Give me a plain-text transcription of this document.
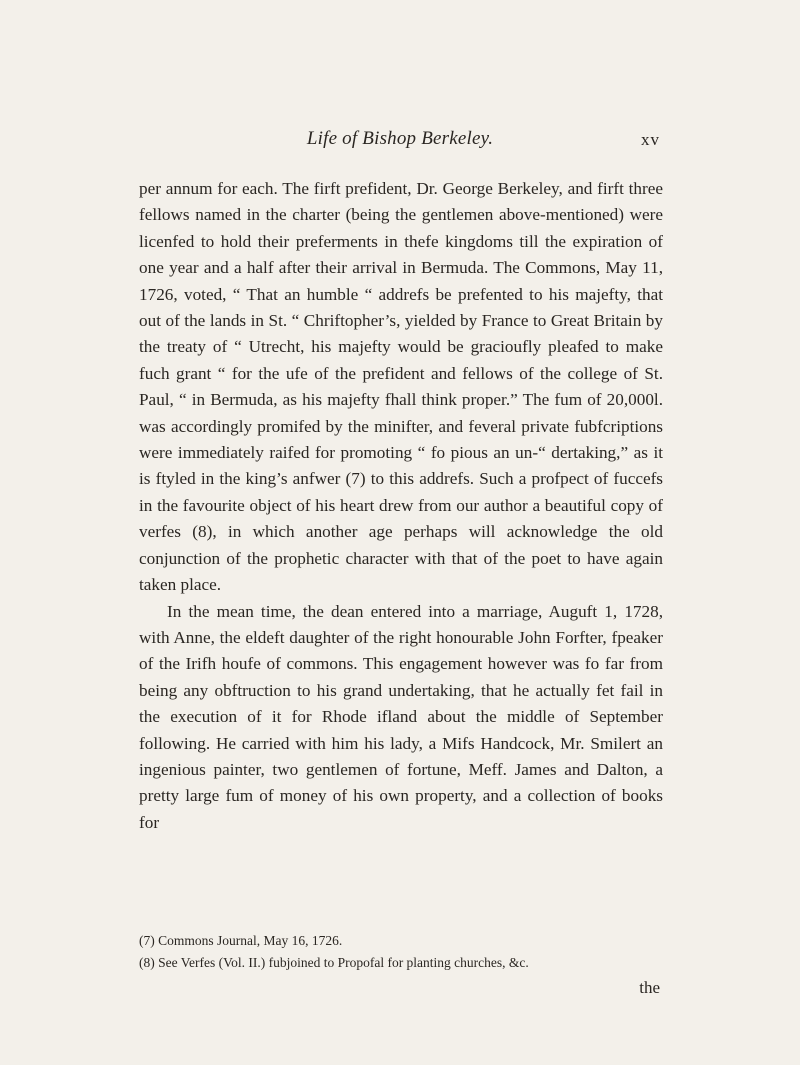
Life of Bishop Berkeley.	xv

per annum for each. The firft prefident, Dr. George Berkeley, and firft three fellows named in the charter (being the gentlemen above-mentioned) were licenfed to hold their preferments in thefe kingdoms till the expiration of one year and a half after their arrival in Bermuda. The Commons, May 11, 1726, voted, “ That an humble “ addrefs be prefented to his majefty, that out of the lands in St. “ Chriftopher’s, yielded by France to Great Britain by the treaty of “ Utrecht, his majefty would be gracioufly pleafed to make fuch grant “ for the ufe of the prefident and fellows of the college of St. Paul, “ in Bermuda, as his majefty fhall think proper.” The fum of 20,000l. was accordingly promifed by the minifter, and feveral private fubfcriptions were immediately raifed for promoting “ fo pious an un-“ dertaking,” as it is ftyled in the king’s anfwer (7) to this addrefs. Such a profpect of fuccefs in the favourite object of his heart drew from our author a beautiful copy of verfes (8), in which another age perhaps will acknowledge the old conjunction of the prophetic character with that of the poet to have again taken place.

In the mean time, the dean entered into a marriage, Auguft 1, 1728, with Anne, the eldeft daughter of the right honourable John Forfter, fpeaker of the Irifh houfe of commons. This engagement however was fo far from being any obftruction to his grand undertaking, that he actually fet fail in the execution of it for Rhode ifland about the middle of September following. He carried with him his lady, a Mifs Handcock, Mr. Smilert an ingenious painter, two gentlemen of fortune, Meff. James and Dalton, a pretty large fum of money of his own property, and a collection of books for

(7) Commons Journal, May 16, 1726.

(8) See Verfes (Vol. II.) fubjoined to Propofal for planting churches, &c.

the
